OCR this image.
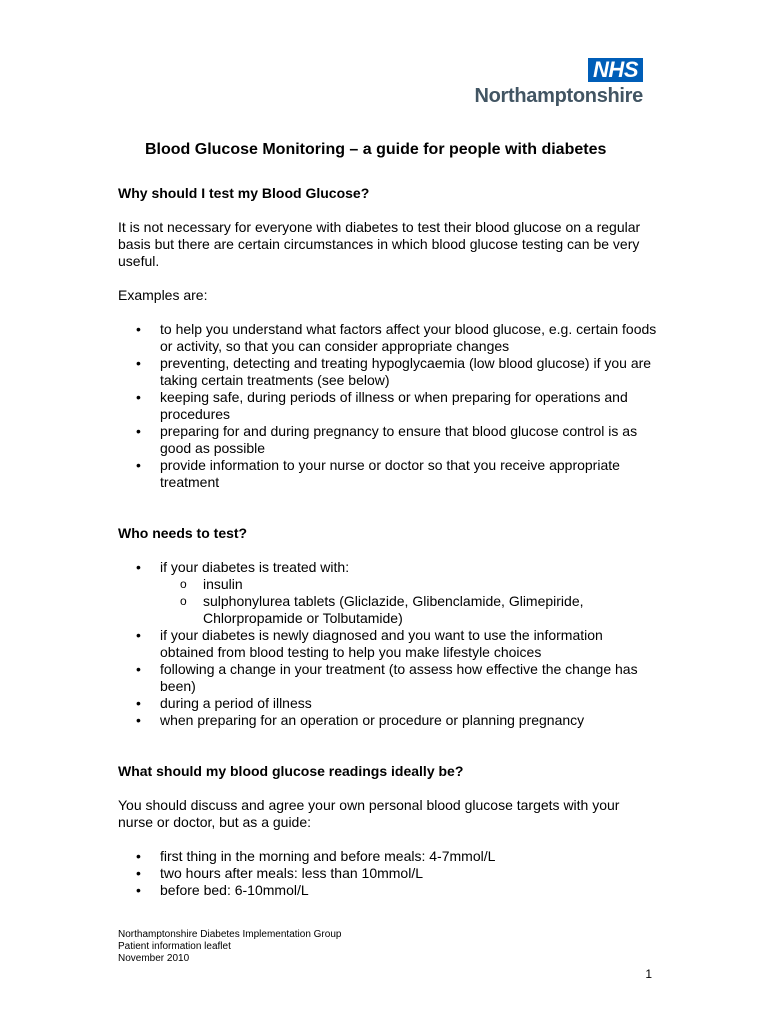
NHS
Northamptonshire
Blood Glucose Monitoring – a guide for people with diabetes
Why should I test my Blood Glucose?

It is not necessary for everyone with diabetes to test their blood glucose on a regular basis but there are certain circumstances in which blood glucose testing can be very useful.

Examples are:

• to help you understand what factors affect your blood glucose, e.g. certain foods or activity, so that you can consider appropriate changes
• preventing, detecting and treating hypoglycaemia (low blood glucose) if you are taking certain treatments (see below)
• keeping safe, during periods of illness or when preparing for operations and procedures
• preparing for and during pregnancy to ensure that blood glucose control is as good as possible
• provide information to your nurse or doctor so that you receive appropriate treatment
Who needs to test?
• if your diabetes is treated with:
o insulin
o sulphonylurea tablets (Gliclazide, Glibenclamide, Glimepiride, Chlorpropamide or Tolbutamide)
• if your diabetes is newly diagnosed and you want to use the information obtained from blood testing to help you make lifestyle choices
• following a change in your treatment (to assess how effective the change has been)
• during a period of illness
• when preparing for an operation or procedure or planning pregnancy
What should my blood glucose readings ideally be?

You should discuss and agree your own personal blood glucose targets with your nurse or doctor, but as a guide:

• first thing in the morning and before meals: 4-7mmol/L
• two hours after meals: less than 10mmol/L
• before bed: 6-10mmol/L
Northamptonshire Diabetes Implementation Group
Patient information leaflet
November 2010
1
